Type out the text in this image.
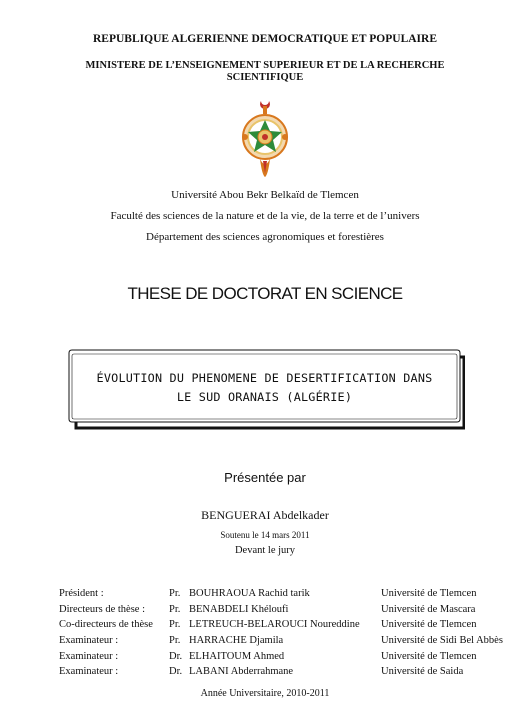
REPUBLIQUE ALGERIENNE DEMOCRATIQUE ET POPULAIRE
MINISTERE DE L’ENSEIGNEMENT SUPERIEUR ET DE LA RECHERCHE
SCIENTIFIQUE
Université Abou Bekr Belkaïd de Tlemcen
Faculté des sciences de la nature et de la vie, de la terre et de l’univers
Département des sciences agronomiques et forestières
THESE DE DOCTORAT EN SCIENCE
ÉVOLUTION DU PHENOMENE DE DESERTIFICATION DANS
LE SUD ORANAIS (ALGÉRIE)
Présentée par
BENGUERAI Abdelkader
Soutenu le 14 mars 2011
Devant le jury
Président :	Pr. BOUHRAOUA Rachid tarik	Université de Tlemcen
Directeurs de thèse : Pr. BENABDELI Khéloufi	Université de Mascara
Co-directeurs de thèse Pr. LETREUCH-BELAROUCI Noureddine Université de Tlemcen
Examinateur :	Pr. HARRACHE Djamila	Université de Sidi Bel Abbès
Examinateur :	Dr. ELHAITOUM Ahmed	Université de Tlemcen
Examinateur :	Dr. LABANI Abderrahmane	Université de Saida
Année Universitaire, 2010-2011
